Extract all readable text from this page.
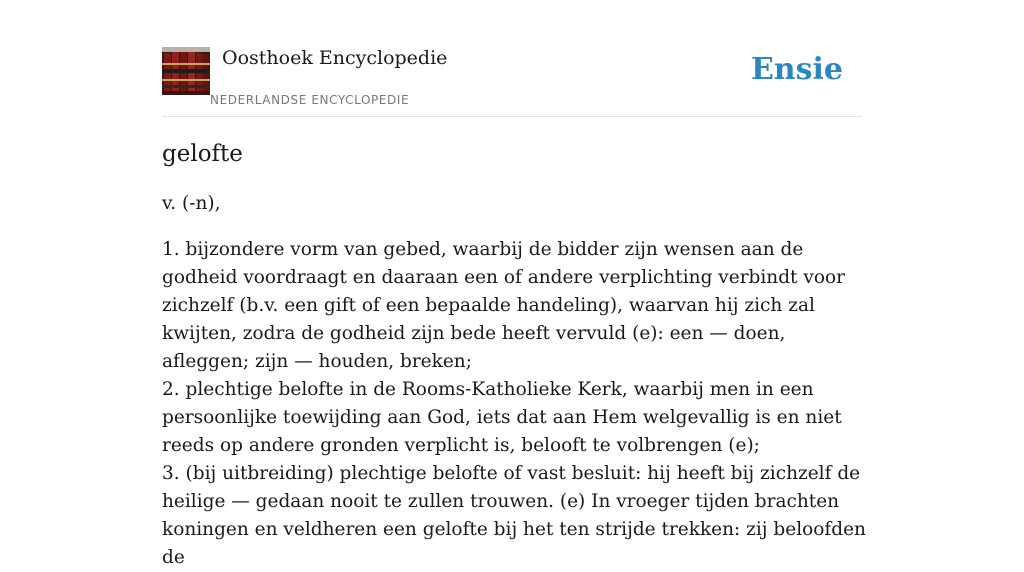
Oosthoek Encyclopedie
NEDERLANDSE ENCYCLOPEDIE
Ensie
gelofte

v. (-n),

1. bijzondere vorm van gebed, waarbij de bidder zijn wensen aan de godheid voordraagt en daaraan een of andere verplichting verbindt voor zichzelf (b.v. een gift of een bepaalde handeling), waarvan hij zich zal kwijten, zodra de godheid zijn bede heeft vervuld (e): een — doen, afleggen; zijn — houden, breken;

2. plechtige belofte in de Rooms-Katholieke Kerk, waarbij men in een persoonlijke toewijding aan God, iets dat aan Hem welgevallig is en niet reeds op andere gronden verplicht is, belooft te volbrengen (e);

3. (bij uitbreiding) plechtige belofte of vast besluit: hij heeft bij zichzelf de heilige — gedaan nooit te zullen trouwen. (e) In vroeger tijden brachten koningen en veldheren een gelofte bij het ten strijde trekken: zij beloofden de
